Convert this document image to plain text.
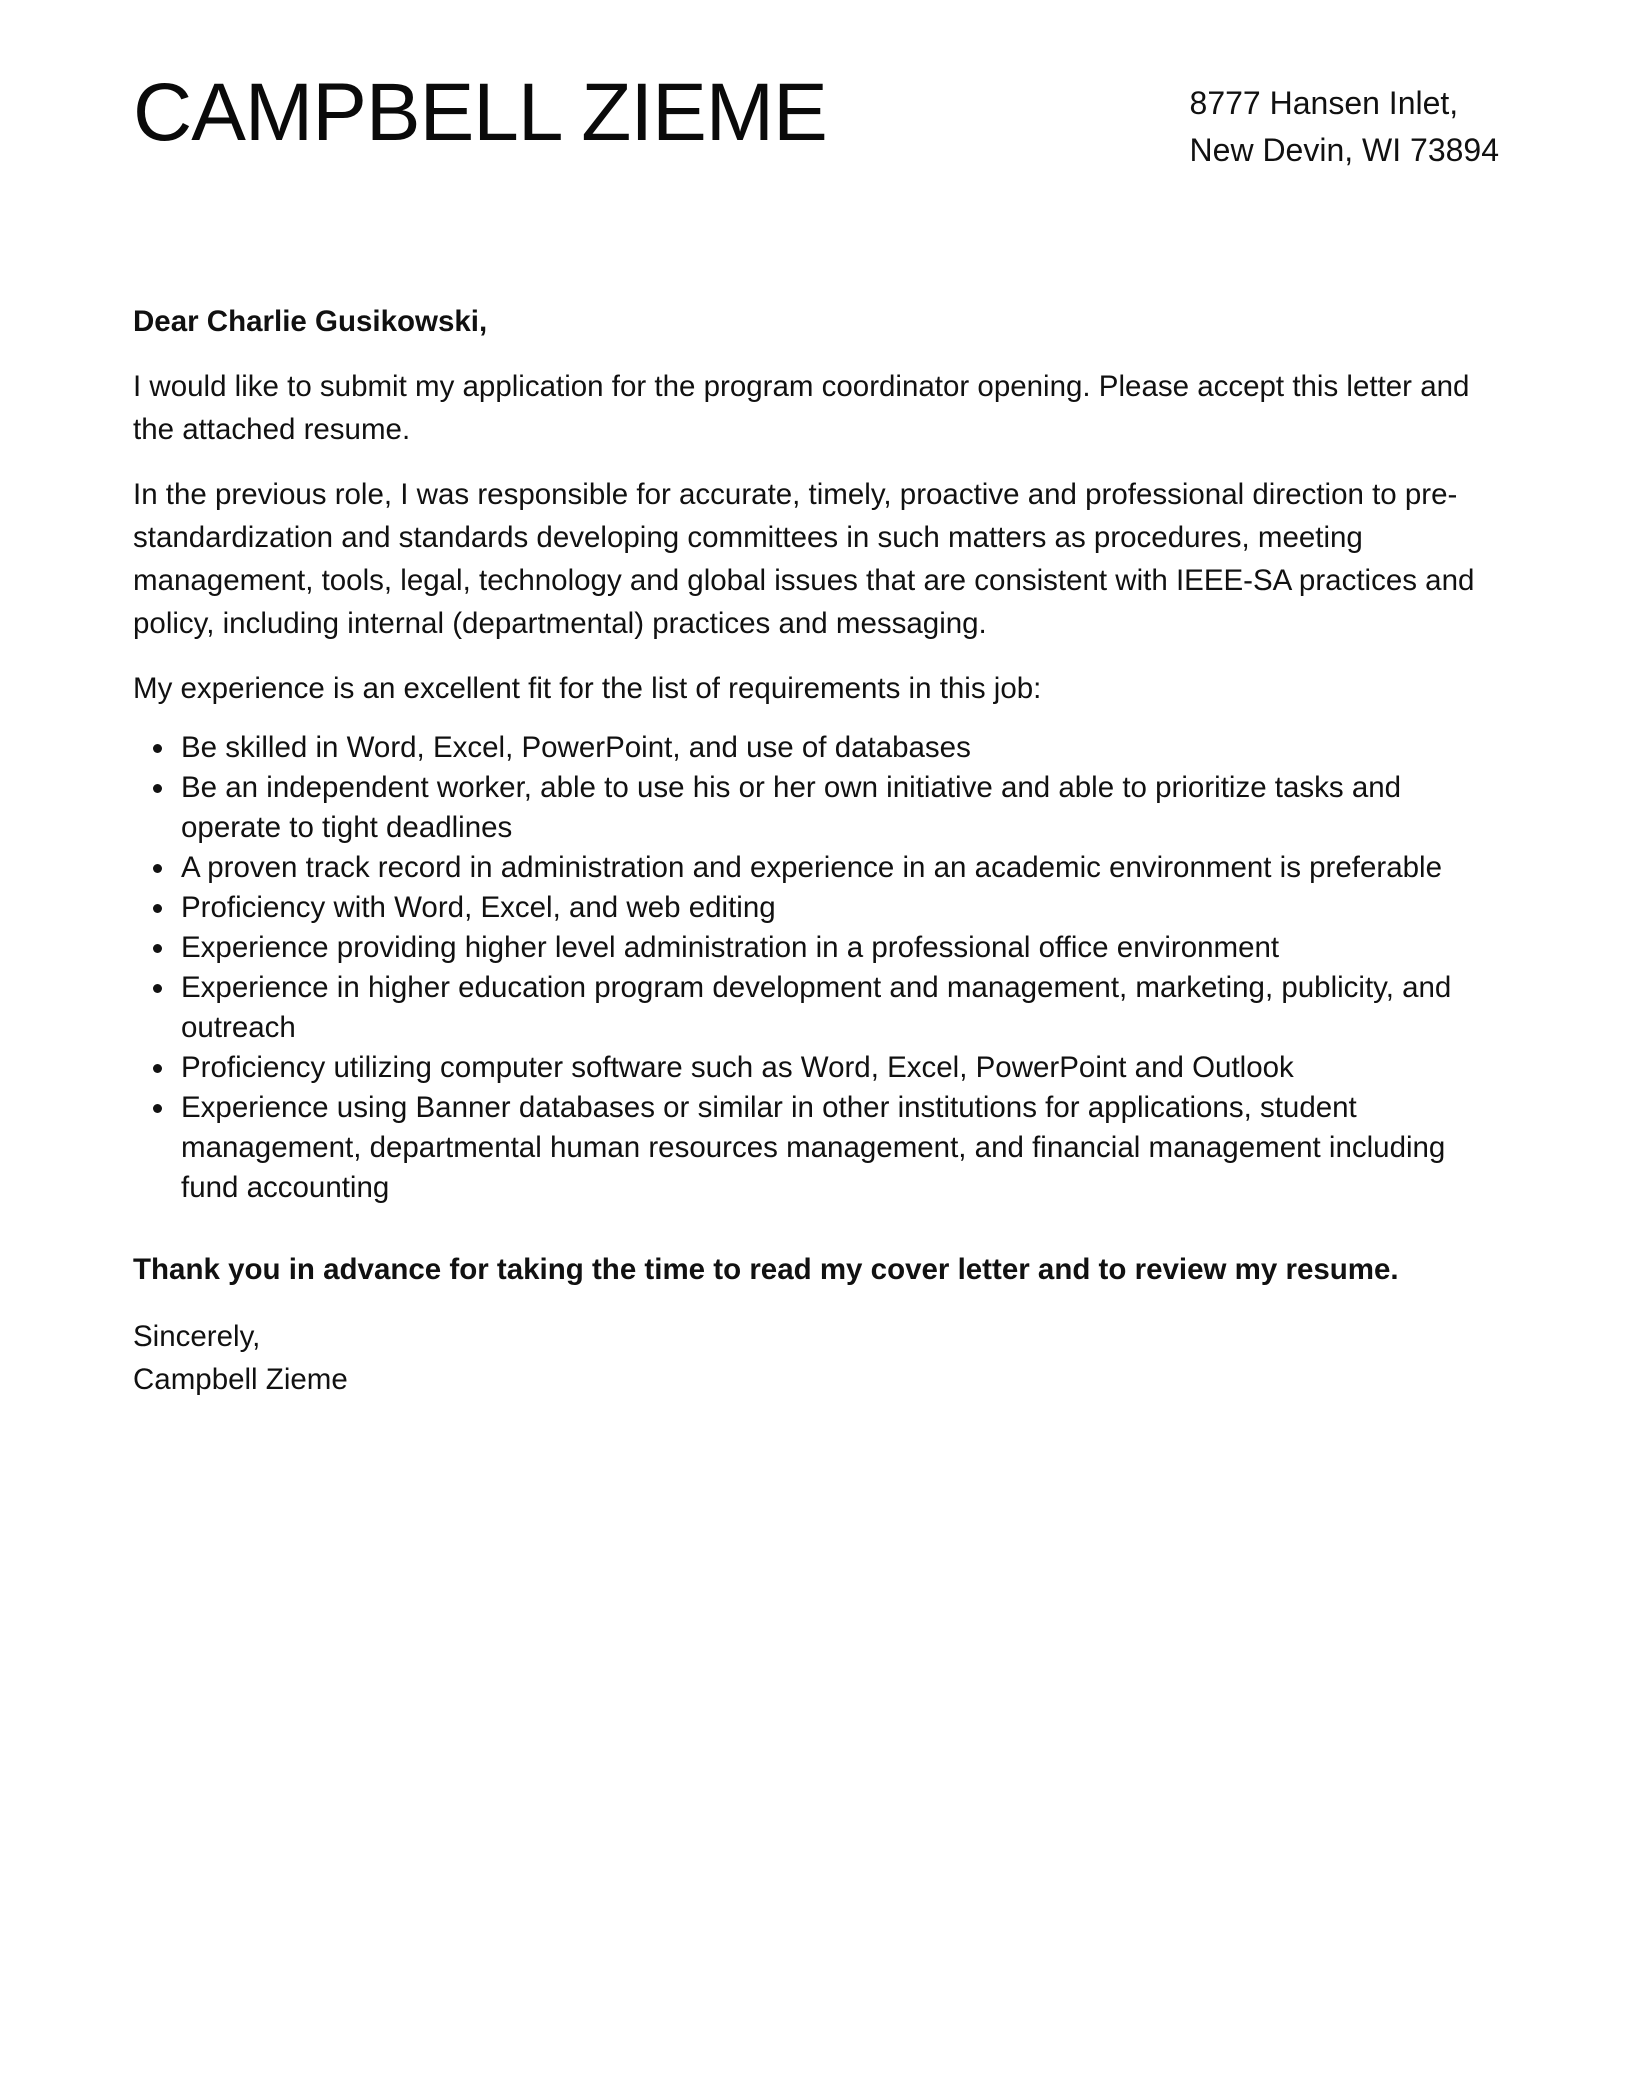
CAMPBELL ZIEME	8777 Hansen Inlet,
New Devin, WI 73894

Dear Charlie Gusikowski,

I would like to submit my application for the program coordinator opening. Please accept this letter and the attached resume.

In the previous role, I was responsible for accurate, timely, proactive and professional direction to pre-standardization and standards developing committees in such matters as procedures, meeting management, tools, legal, technology and global issues that are consistent with IEEE-SA practices and policy, including internal (departmental) practices and messaging.

My experience is an excellent fit for the list of requirements in this job:

Be skilled in Word, Excel, PowerPoint, and use of databases
Be an independent worker, able to use his or her own initiative and able to prioritize tasks and operate to tight deadlines
A proven track record in administration and experience in an academic environment is preferable
Proficiency with Word, Excel, and web editing
Experience providing higher level administration in a professional office environment
Experience in higher education program development and management, marketing, publicity, and outreach
Proficiency utilizing computer software such as Word, Excel, PowerPoint and Outlook
Experience using Banner databases or similar in other institutions for applications, student management, departmental human resources management, and financial management including fund accounting

Thank you in advance for taking the time to read my cover letter and to review my resume.

Sincerely,

Campbell Zieme
